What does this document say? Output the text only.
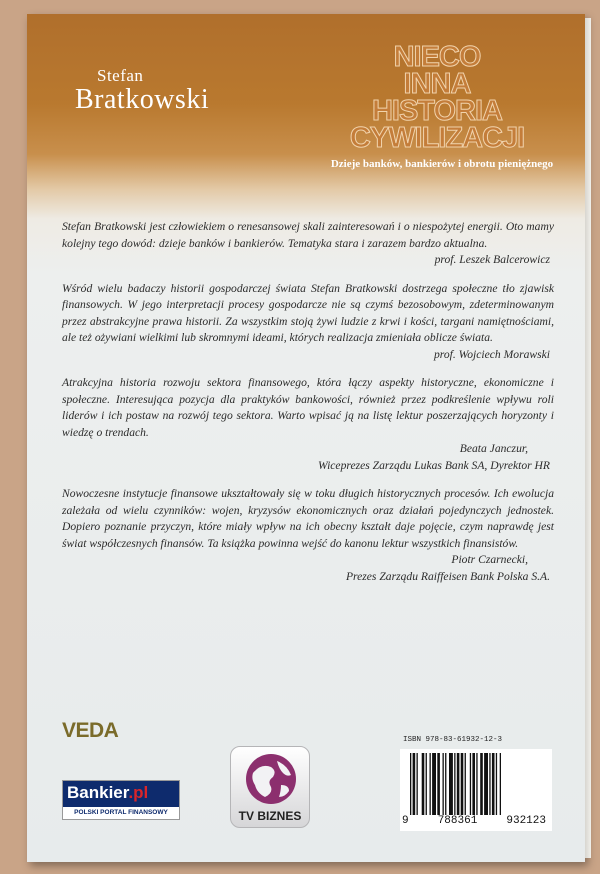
Stefan
Bratkowski
NIECO
INNA
HISTORIA
CYWILIZACJI
Dzieje banków, bankierów i obrotu pieniężnego

Stefan Bratkowski jest człowiekiem o renesansowej skali zainteresowań i o niespożytej energii. Oto mamy kolejny tego dowód: dzieje banków i bankierów. Tematyka stara i zarazem bardzo aktualna.

prof. Leszek Balcerowicz

Wśród wielu badaczy historii gospodarczej świata Stefan Bratkowski dostrzega społeczne tło zjawisk finansowych. W jego interpretacji procesy gospodarcze nie są czymś bezosobowym, zdeterminowanym przez abstrakcyjne prawa historii. Za wszystkim stoją żywi ludzie z krwi i kości, targani namiętnościami, ale też ożywiani wielkimi lub skromnymi ideami, których realizacja zmieniała oblicze świata.

prof. Wojciech Morawski

Atrakcyjna historia rozwoju sektora finansowego, która łączy aspekty historyczne, ekonomiczne i społeczne. Interesująca pozycja dla praktyków bankowości, również przez podkreślenie wpływu roli liderów i ich postaw na rozwój tego sektora. Warto wpisać ją na listę lektur poszerzających horyzonty i wiedzę o trendach.

Beata Janczur,

Wiceprezes Zarządu Lukas Bank SA, Dyrektor HR

Nowoczesne instytucje finansowe ukształtowały się w toku długich historycznych procesów. Ich ewolucja zależała od wielu czynników: wojen, kryzysów ekonomicznych oraz działań pojedynczych jednostek. Dopiero poznanie przyczyn, które miały wpływ na ich obecny kształt daje pojęcie, czym naprawdę jest świat współczesnych finansów. Ta książka powinna wejść do kanonu lektur wszystkich finansistów.

Piotr Czarnecki,

Prezes Zarządu Raiffeisen Bank Polska S.A.

VEDA
Bankier.pl
POLSKI PORTAL FINANSOWY	TV BIZNES
ISBN 978-83-61932-12-3
9	788361	932123
